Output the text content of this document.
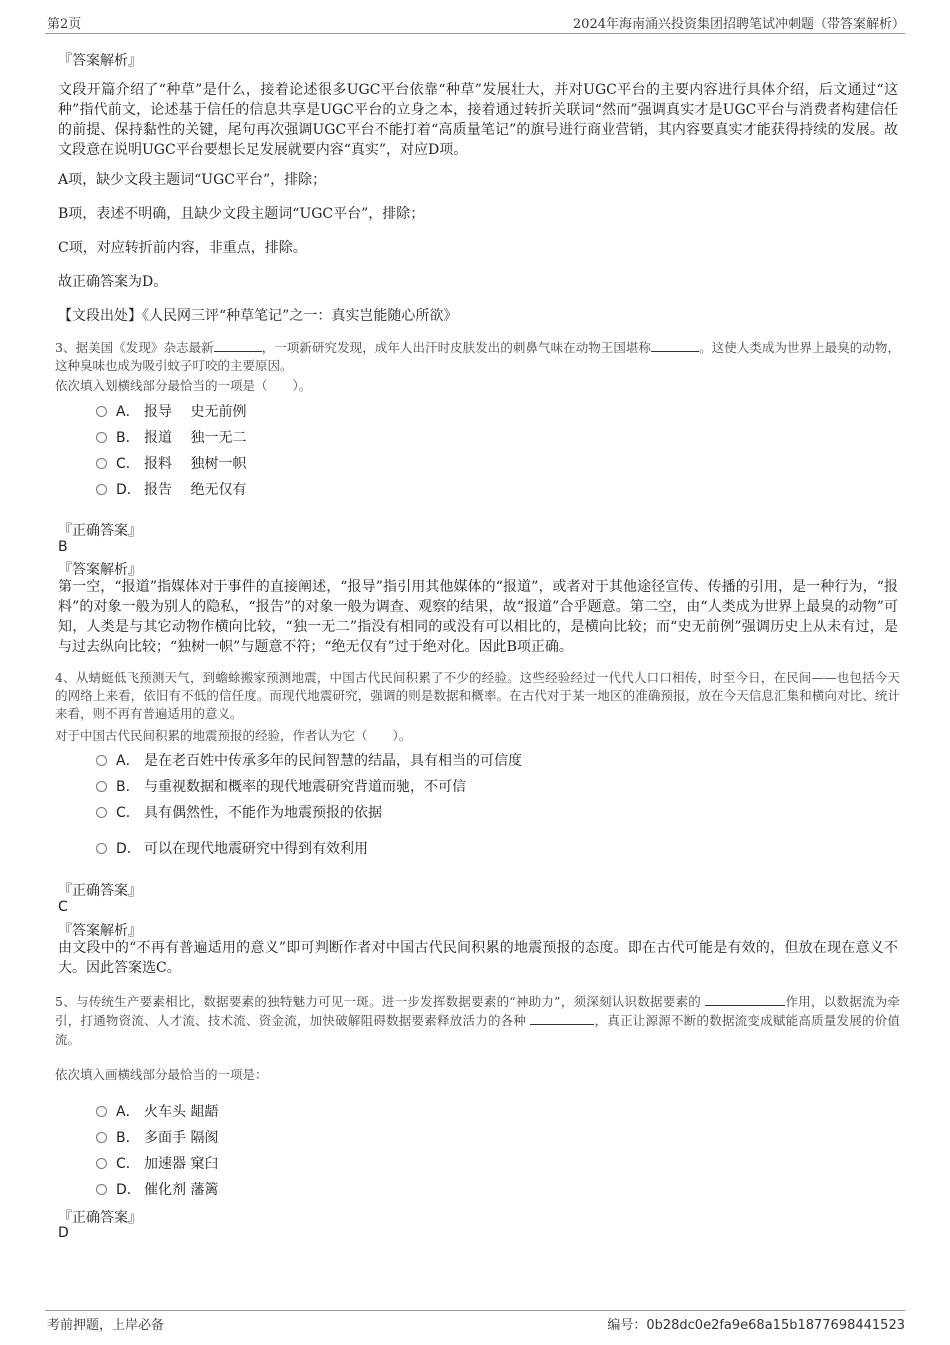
第2页	2024年海南涌兴投资集团招聘笔试冲刺题（带答案解析）
『答案解析』
文段开篇介绍了“种草”是什么，接着论述很多UGC平台依靠“种草”发展壮大，并对UGC平台的主要内容进行具体介绍，后文通过“这种”指代前文，论述基于信任的信息共享是UGC平台的立身之本，接着通过转折关联词“然而”强调真实才是UGC平台与消费者构建信任的前提、保持黏性的关键，尾句再次强调UGC平台不能打着“高质量笔记”的旗号进行商业营销，其内容要真实才能获得持续的发展。故文段意在说明UGC平台要想长足发展就要内容“真实”，对应D项。
A项，缺少文段主题词“UGC平台”，排除；
B项，表述不明确，且缺少文段主题词“UGC平台”，排除；
C项，对应转折前内容，非重点，排除。
故正确答案为D。
【文段出处】《人民网三评“种草笔记”之一：真实岂能随心所欲》
3、据美国《发现》杂志最新	，一项新研究发现，成年人出汗时皮肤发出的刺鼻气味在动物王国堪称	。这使人类成为世界上最臭的动物，这种臭味也成为吸引蚊子叮咬的主要原因。
依次填入划横线部分最恰当的一项是（　　）。
A． 报导　 史无前例
B． 报道　 独一无二
C． 报料　 独树一帜
D． 报告　 绝无仅有
『正确答案』
B
『答案解析』
第一空，“报道”指媒体对于事件的直接阐述，“报导”指引用其他媒体的“报道”，或者对于其他途径宣传、传播的引用，是一种行为，“报料”的对象一般为别人的隐私，“报告”的对象一般为调查、观察的结果，故“报道”合乎题意。第二空，由“人类成为世界上最臭的动物”可知，人类是与其它动物作横向比较，“独一无二”指没有相同的或没有可以相比的，是横向比较；而“史无前例”强调历史上从未有过，是与过去纵向比较；“独树一帜”与题意不符；“绝无仅有”过于绝对化。因此B项正确。
4、从蜻蜓低飞预测天气，到蟾蜍搬家预测地震，中国古代民间积累了不少的经验。这些经验经过一代代人口口相传，时至今日，在民间——也包括今天的网络上来看，依旧有不低的信任度。而现代地震研究，强调的则是数据和概率。在古代对于某一地区的准确预报，放在今天信息汇集和横向对比、统计来看，则不再有普遍适用的意义。
对于中国古代民间积累的地震预报的经验，作者认为它（　　）。
A． 是在老百姓中传承多年的民间智慧的结晶，具有相当的可信度
B． 与重视数据和概率的现代地震研究背道而驰，不可信
C． 具有偶然性，不能作为地震预报的依据
D． 可以在现代地震研究中得到有效利用
『正确答案』
C
『答案解析』
由文段中的“不再有普遍适用的意义”即可判断作者对中国古代民间积累的地震预报的态度。即在古代可能是有效的，但放在现在意义不大。因此答案选C。
5、与传统生产要素相比，数据要素的独特魅力可见一斑。进一步发挥数据要素的“神助力”，须深刻认识数据要素的	作用，以数据流为牵引，打通物资流、人才流、技术流、资金流，加快破解阻碍数据要素释放活力的各种	，真正让源源不断的数据流变成赋能高质量发展的价值流。
依次填入画横线部分最恰当的一项是：
A． 火车头 龃龉
B． 多面手 隔阂
C． 加速器 窠臼
D． 催化剂 藩篱
『正确答案』
D
考前押题，上岸必备	编号：0b28dc0e2fa9e68a15b1877698441523
